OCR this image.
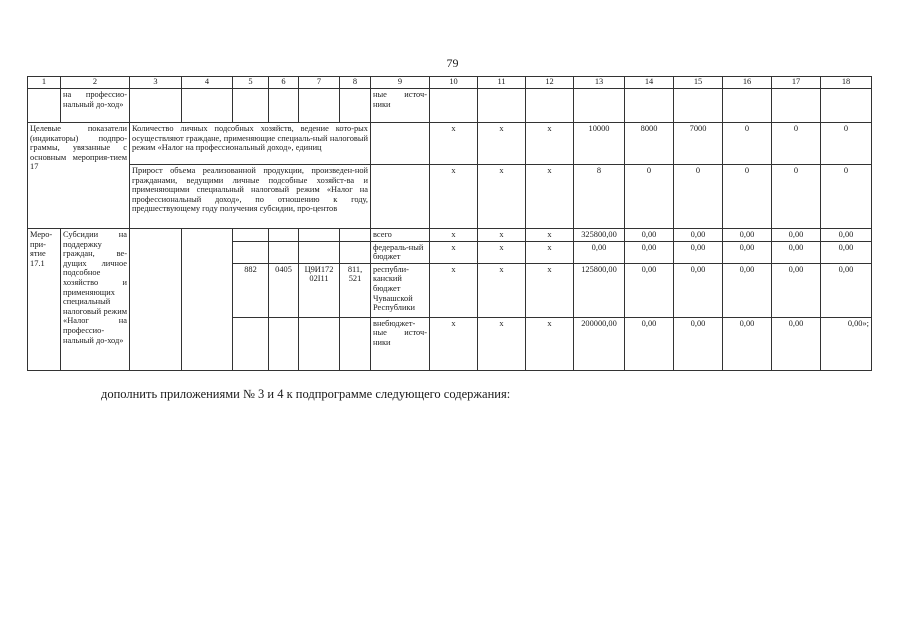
79
1	2	3	4	5	6	7	8	9	10	11	12	13	14	15	16	17	18
	на профессио-нальный до-ход»							ные источ-ники									
Целевые показатели (индикаторы) подпро-граммы, увязанные с основным мероприя-тием 17		Количество личных подсобных хозяйств, ведение кото-рых осуществляют граждане, применяющие специаль-ный налоговый режим «Налог на профессиональный доход», единиц							x	x	x	10000	8000	7000	0	0	0
		Прирост объема реализованной продукции, произведен-ной гражданами, ведущими личные подсобные хозяйст-ва и применяющими специальный налоговый режим «Налог на профессиональный доход», по отношению к году, предшествующему году получения субсидии, про-центов							x	x	x	8	0	0	0	0	0
Меро-при-ятие 17.1	Субсидии на поддержку граждан, ве-дущих личное подсобное хозяйство и применяющих специальный налоговый режим «Налог на профессио-нальный до-ход»							всего	x	x	x	325800,00	0,00	0,00	0,00	0,00	0,00
								федераль-ный бюджет	x	x	x	0,00	0,00	0,00	0,00	0,00	0,00
				882	0405	Ц9И172 02I11	811, 521	республи-канский бюджет Чувашской Республики	x	x	x	125800,00	0,00	0,00	0,00	0,00	0,00
								внебюджет-ные источ-ники	x	x	x	200000,00	0,00	0,00	0,00	0,00	0,00»;
дополнить приложениями № 3 и 4 к подпрограмме следующего содержания:
